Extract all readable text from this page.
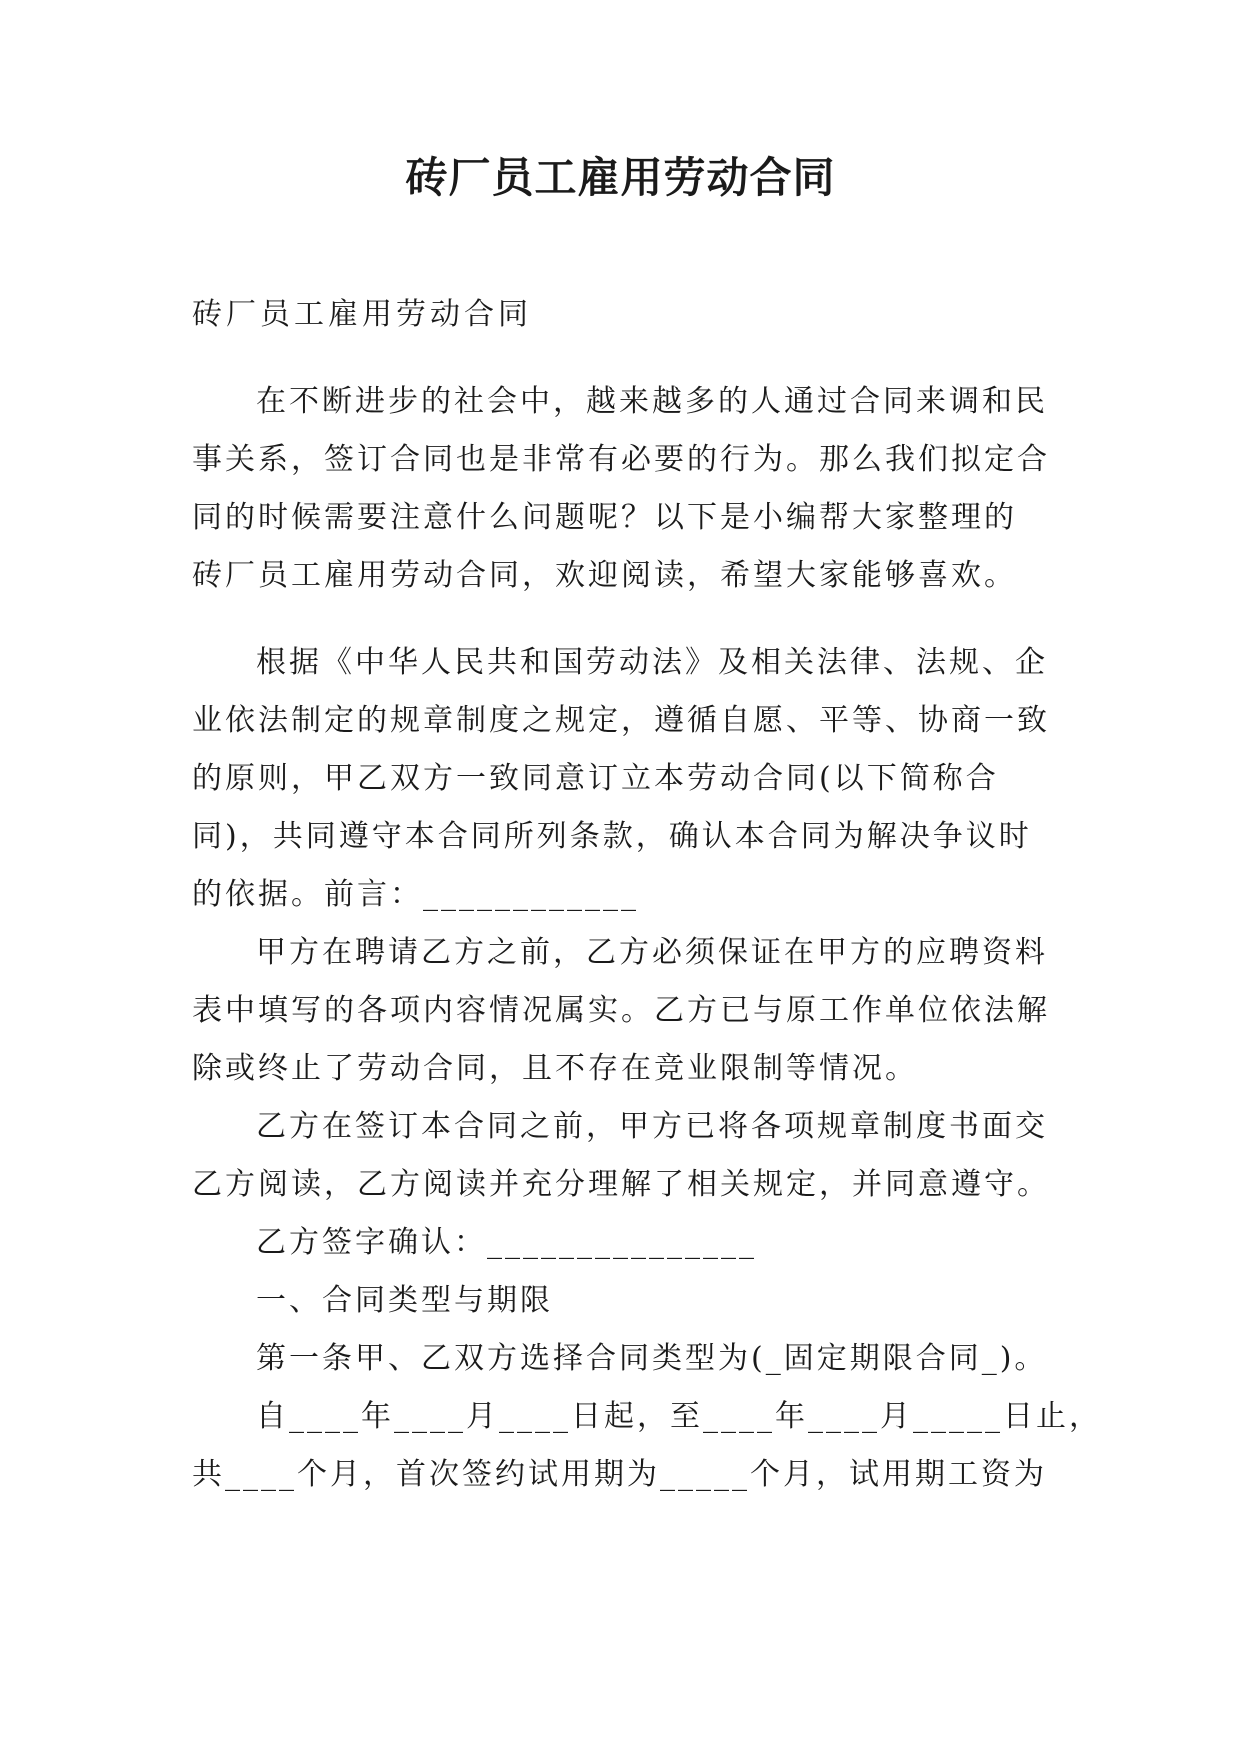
砖厂员工雇用劳动合同
砖厂员工雇用劳动合同
在不断进步的社会中，越来越多的人通过合同来调和民
事关系，签订合同也是非常有必要的行为。那么我们拟定合
同的时候需要注意什么问题呢？以下是小编帮大家整理的
砖厂员工雇用劳动合同，欢迎阅读，希望大家能够喜欢。
根据《中华人民共和国劳动法》及相关法律、法规、企
业依法制定的规章制度之规定，遵循自愿、平等、协商一致
的原则，甲乙双方一致同意订立本劳动合同(以下简称合
同)，共同遵守本合同所列条款，确认本合同为解决争议时
的依据。前言：____________
甲方在聘请乙方之前，乙方必须保证在甲方的应聘资料
表中填写的各项内容情况属实。乙方已与原工作单位依法解
除或终止了劳动合同，且不存在竞业限制等情况。
乙方在签订本合同之前，甲方已将各项规章制度书面交
乙方阅读，乙方阅读并充分理解了相关规定，并同意遵守。
乙方签字确认：_______________
一、合同类型与期限
第一条甲、乙双方选择合同类型为(_固定期限合同_)。
自____年____月____日起，至____年____月_____日止，
共____个月，首次签约试用期为_____个月，试用期工资为
